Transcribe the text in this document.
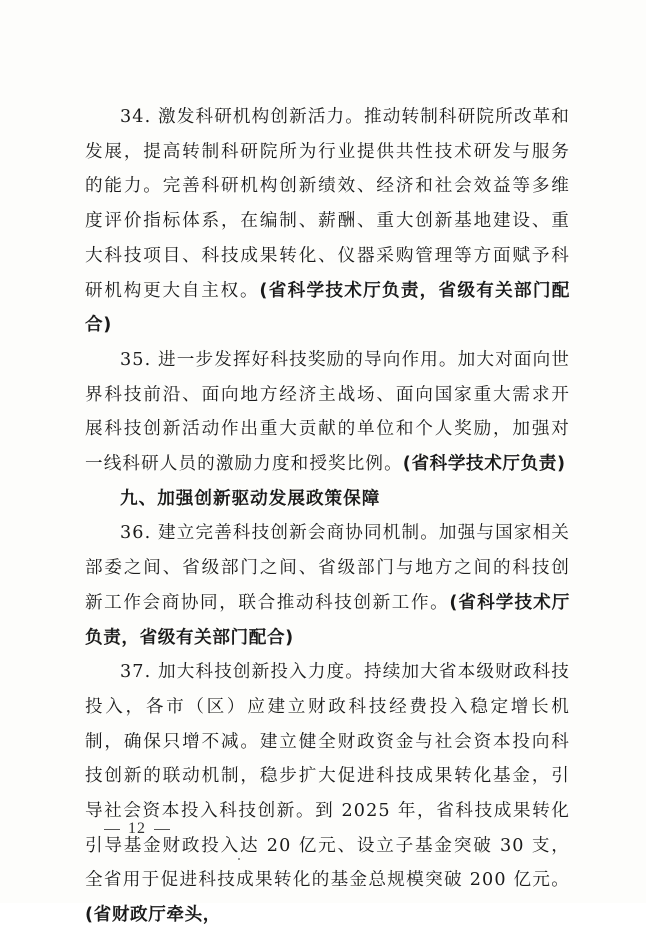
34. 激发科研机构创新活力。推动转制科研院所改革和发展，提高转制科研院所为行业提供共性技术研发与服务的能力。完善科研机构创新绩效、经济和社会效益等多维度评价指标体系，在编制、薪酬、重大创新基地建设、重大科技项目、科技成果转化、仪器采购管理等方面赋予科研机构更大自主权。(省科学技术厅负责，省级有关部门配合)

35. 进一步发挥好科技奖励的导向作用。加大对面向世界科技前沿、面向地方经济主战场、面向国家重大需求开展科技创新活动作出重大贡献的单位和个人奖励，加强对一线科研人员的激励力度和授奖比例。(省科学技术厅负责)

九、加强创新驱动发展政策保障

36. 建立完善科技创新会商协同机制。加强与国家相关部委之间、省级部门之间、省级部门与地方之间的科技创新工作会商协同，联合推动科技创新工作。(省科学技术厅负责，省级有关部门配合)

37. 加大科技创新投入力度。持续加大省本级财政科技投入，各市（区）应建立财政科技经费投入稳定增长机制，确保只增不减。建立健全财政资金与社会资本投向科技创新的联动机制，稳步扩大促进科技成果转化基金，引导社会资本投入科技创新。到 2025 年，省科技成果转化引导基金财政投入达 20 亿元、设立子基金突破 30 支，全省用于促进科技成果转化的基金总规模突破 200 亿元。(省财政厅牵头，

12
